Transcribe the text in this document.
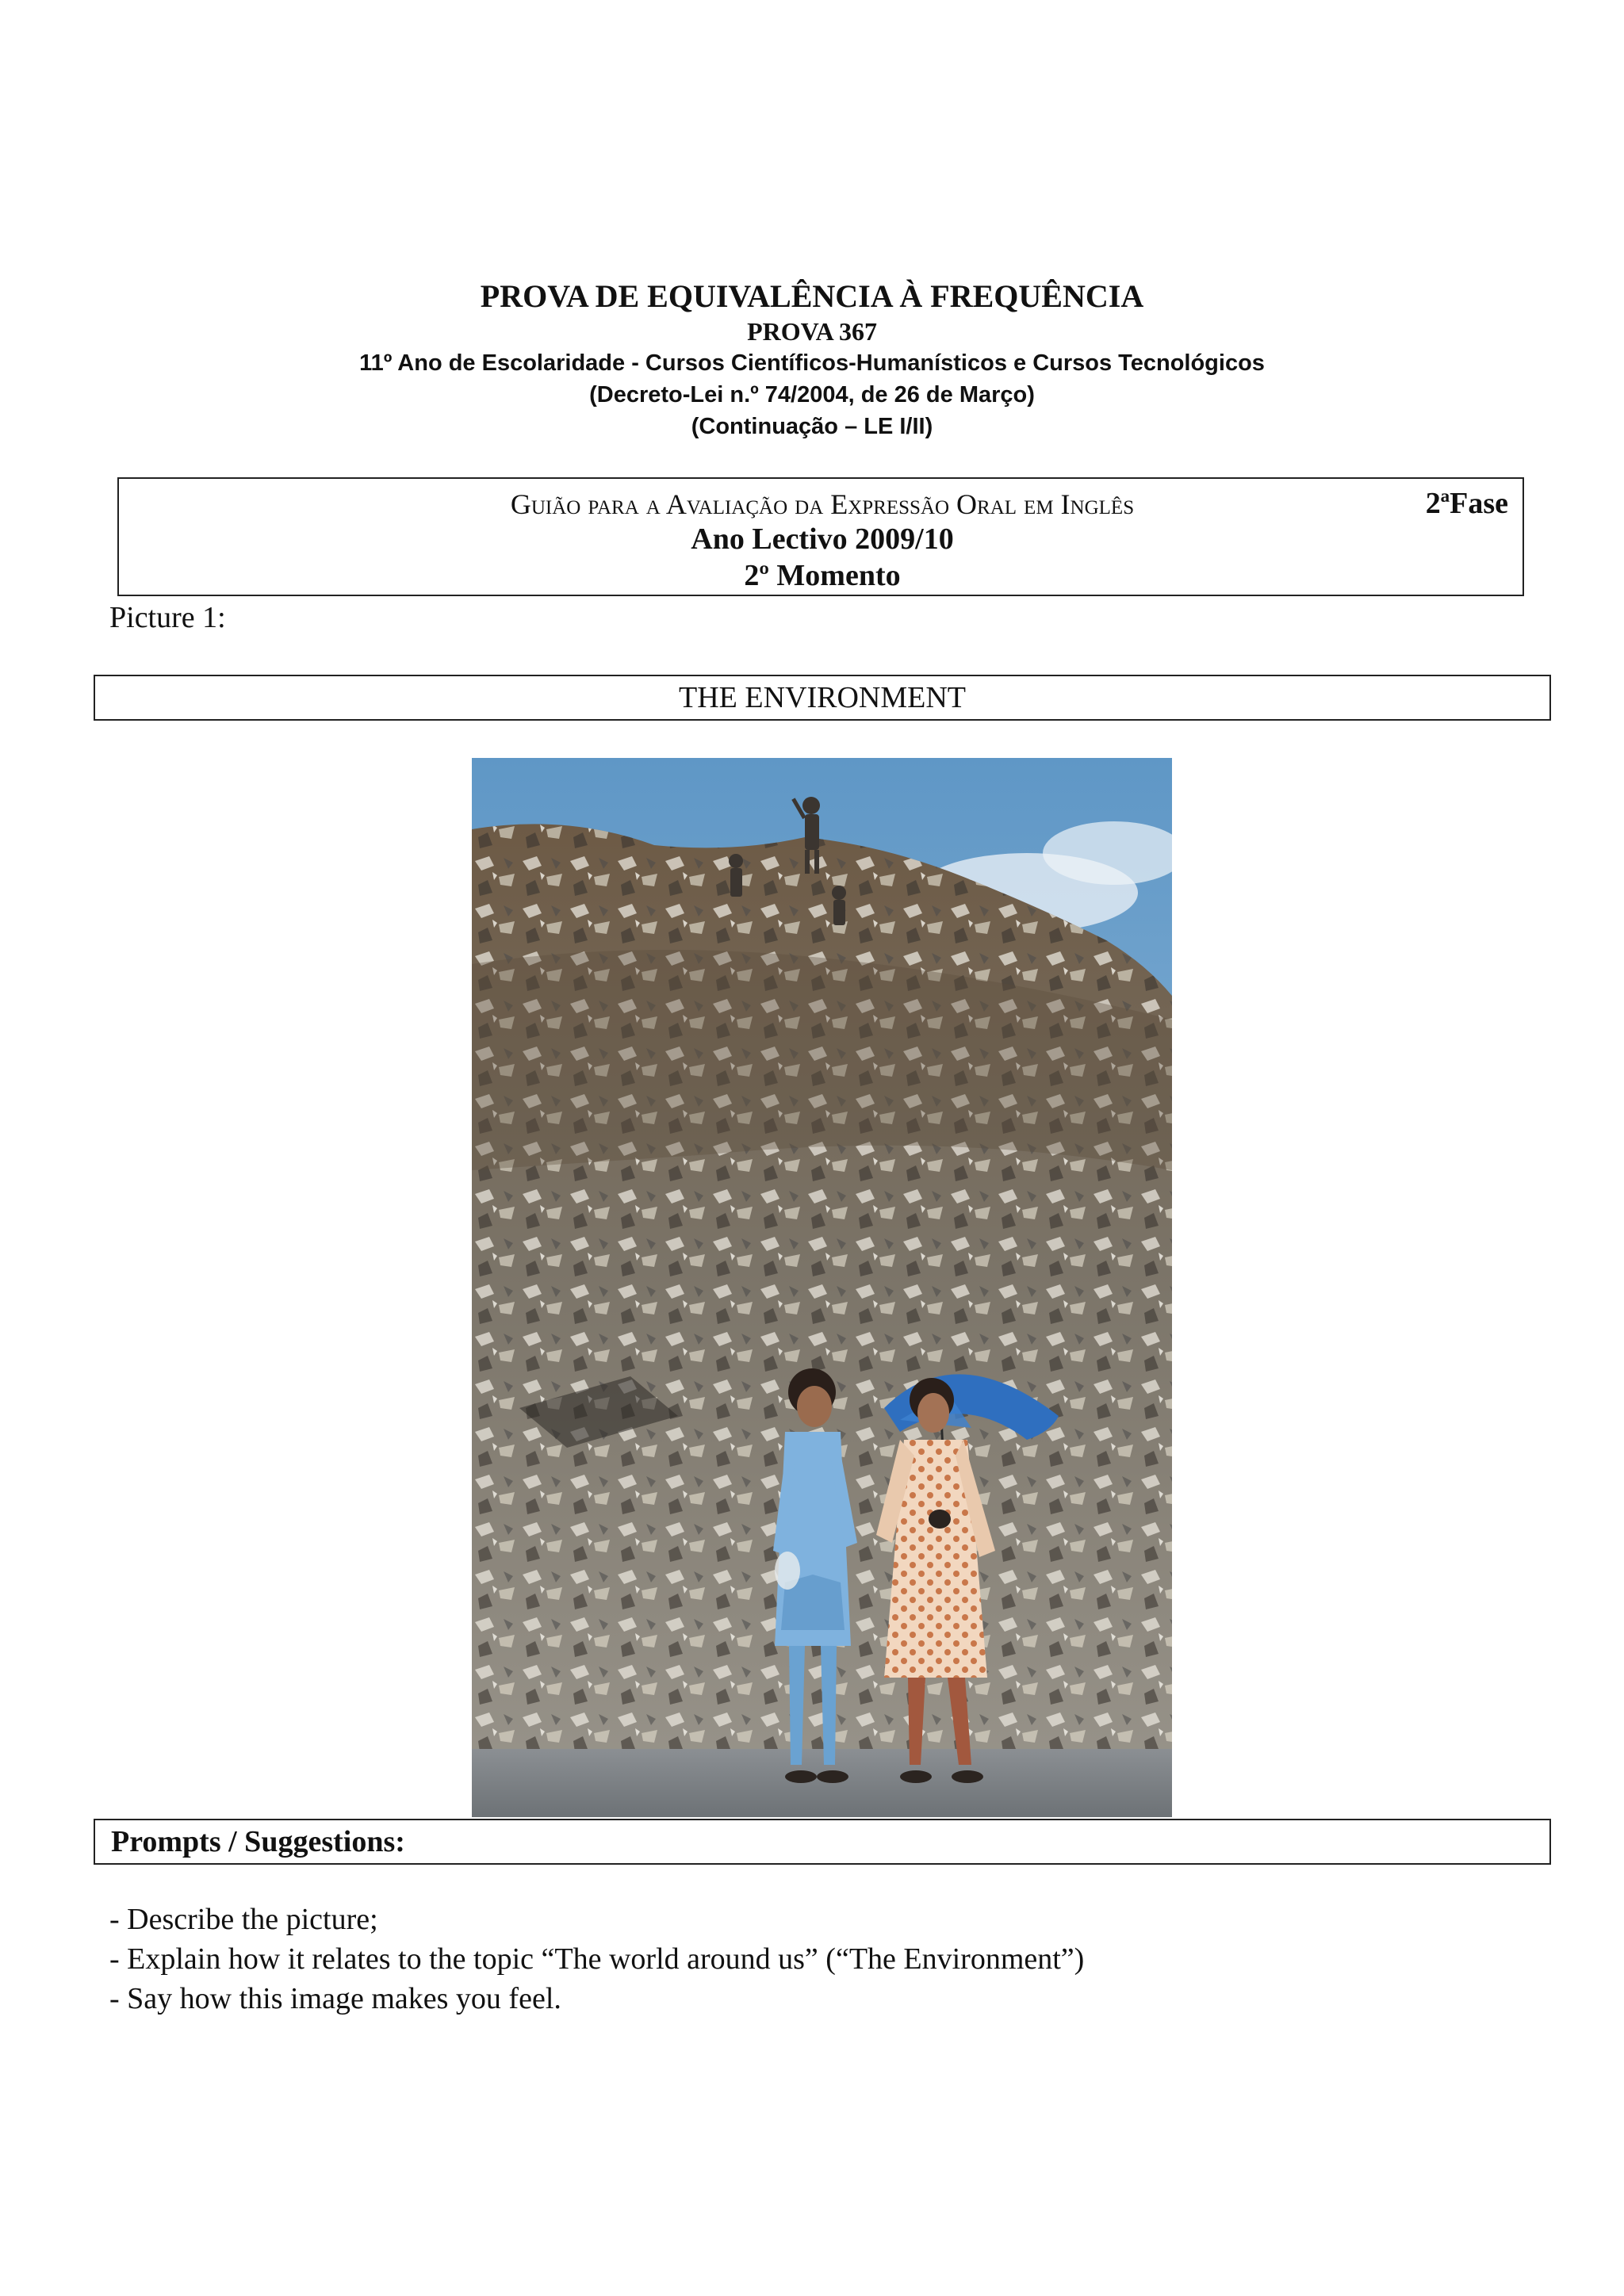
PROVA DE EQUIVALÊNCIA À FREQUÊNCIA
PROVA 367
11º Ano de Escolaridade - Cursos Científicos-Humanísticos e Cursos Tecnológicos
(Decreto-Lei n.º 74/2004, de 26 de Março)
(Continuação – LE I/II)
Guião para a Avaliação da Expressão Oral em Inglês	2ªFase
Ano Lectivo 2009/10
2º Momento
Picture 1:
THE ENVIRONMENT
Prompts / Suggestions:
- Describe the picture;
- Explain how it relates to the topic “The world around us” (“The Environment”)
- Say how this image makes you feel.
